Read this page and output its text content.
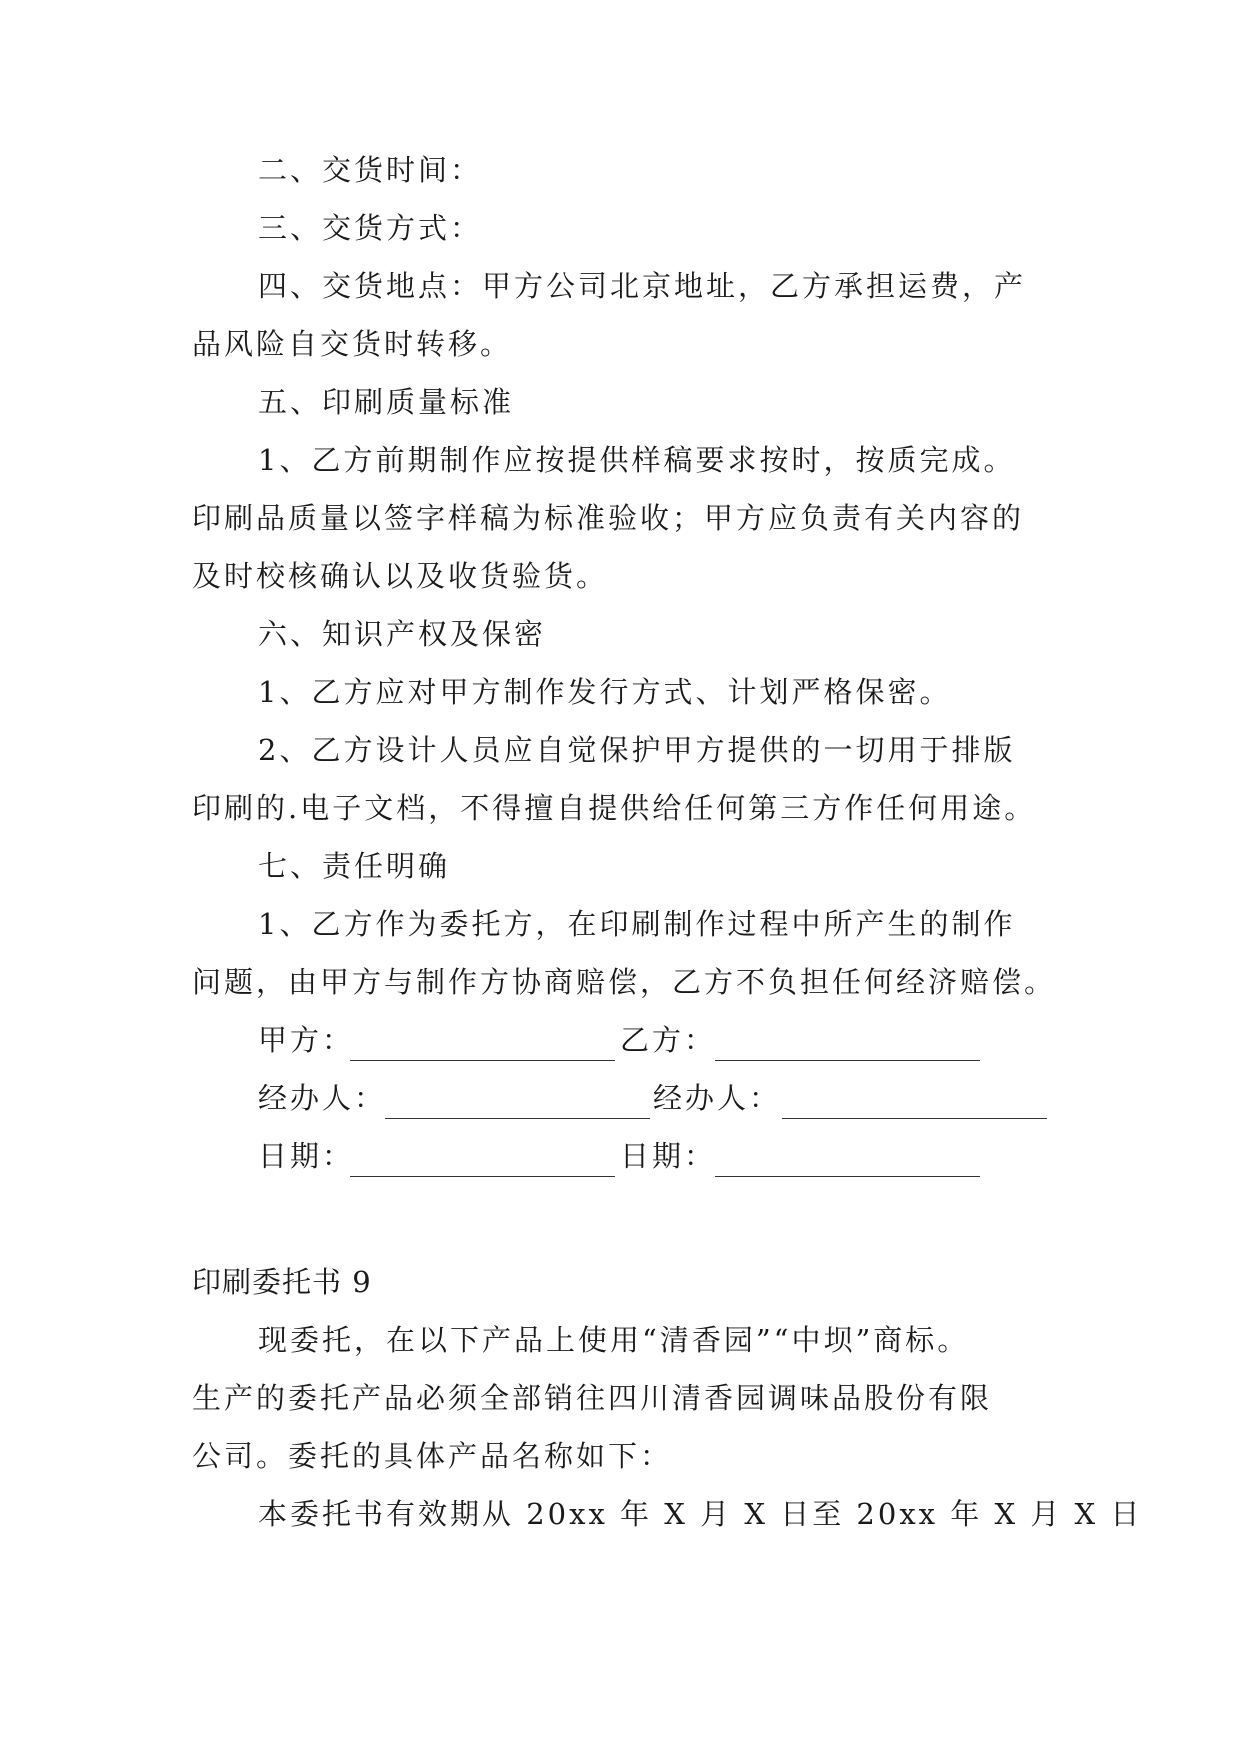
二、交货时间：
三、交货方式：
四、交货地点：甲方公司北京地址，乙方承担运费，产
品风险自交货时转移。
五、印刷质量标准
1、乙方前期制作应按提供样稿要求按时，按质完成。
印刷品质量以签字样稿为标准验收；甲方应负责有关内容的
及时校核确认以及收货验货。
六、知识产权及保密
1、乙方应对甲方制作发行方式、计划严格保密。
2、乙方设计人员应自觉保护甲方提供的一切用于排版
印刷的.电子文档，不得擅自提供给任何第三方作任何用途。
七、责任明确
1、乙方作为委托方，在印刷制作过程中所产生的制作
问题，由甲方与制作方协商赔偿，乙方不负担任何经济赔偿。
甲方：	乙方：
经办人：	经办人：
日期：	日期：
印刷委托书 9
现委托，在以下产品上使用“清香园”“中坝”商标。
生产的委托产品必须全部销往四川清香园调味品股份有限
公司。委托的具体产品名称如下：
本委托书有效期从 20xx 年 X 月 X 日至 20xx 年 X 月 X 日
